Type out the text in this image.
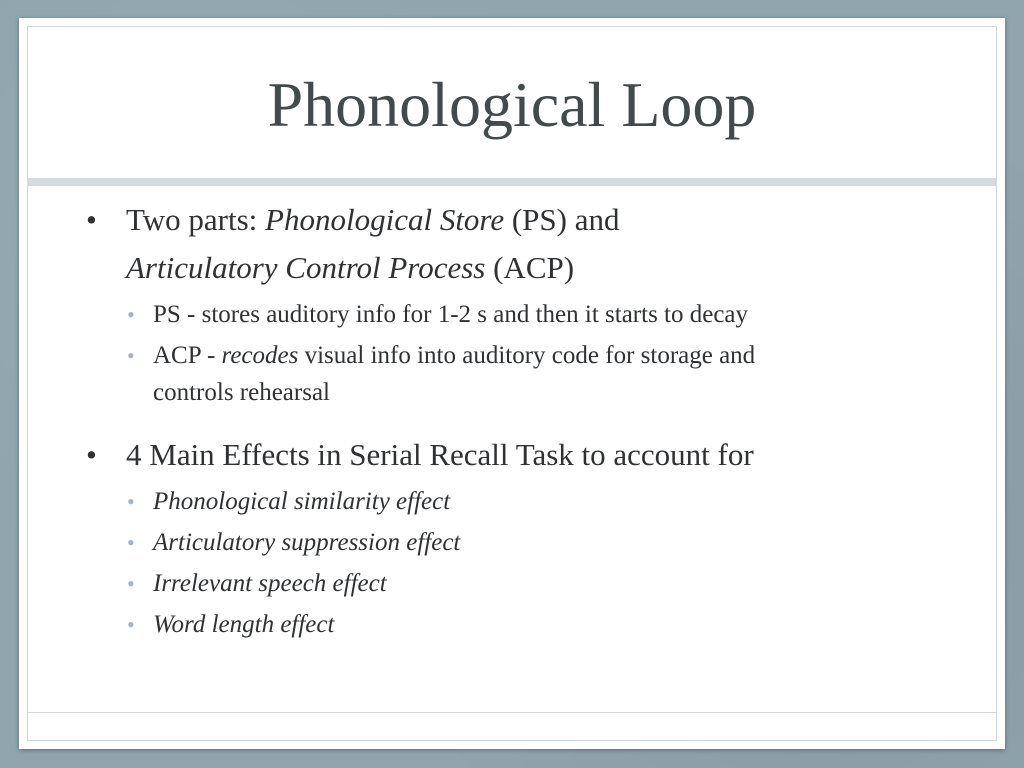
Phonological Loop
• Two parts: Phonological Store (PS) and
Articulatory Control Process (ACP)
• PS - stores auditory info for 1-2 s and then it starts to decay
• ACP - recodes visual info into auditory code for storage and
controls rehearsal
• 4 Main Effects in Serial Recall Task to account for
• Phonological similarity effect
• Articulatory suppression effect
• Irrelevant speech effect
• Word length effect
